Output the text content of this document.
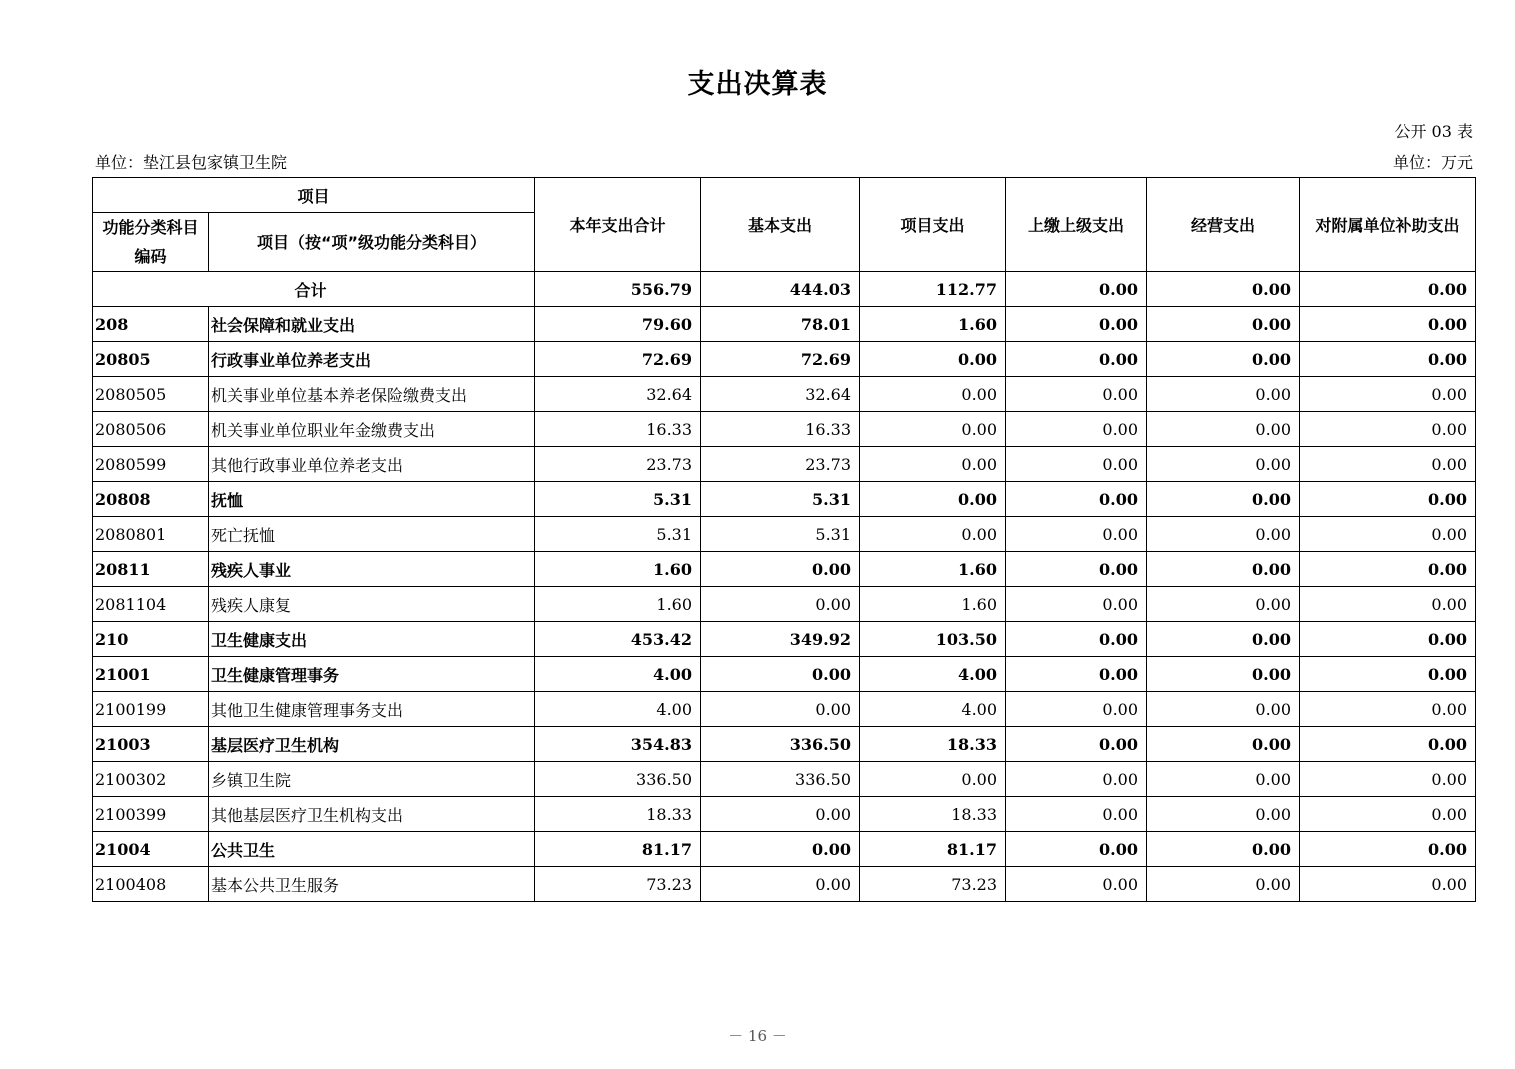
支出决算表
公开 03 表
单位：垫江县包家镇卫生院	单位：万元
项目		本年支出合计	基本支出	项目支出	上缴上级支出	经营支出	对附属单位补助支出
功能分类科目编码	项目（按“项”级功能分类科目）						
合计		556.79	444.03	112.77	0.00	0.00	0.00
208	社会保障和就业支出	79.60	78.01	1.60	0.00	0.00	0.00
20805	行政事业单位养老支出	72.69	72.69	0.00	0.00	0.00	0.00
2080505	机关事业单位基本养老保险缴费支出	32.64	32.64	0.00	0.00	0.00	0.00
2080506	机关事业单位职业年金缴费支出	16.33	16.33	0.00	0.00	0.00	0.00
2080599	其他行政事业单位养老支出	23.73	23.73	0.00	0.00	0.00	0.00
20808	抚恤	5.31	5.31	0.00	0.00	0.00	0.00
2080801	死亡抚恤	5.31	5.31	0.00	0.00	0.00	0.00
20811	残疾人事业	1.60	0.00	1.60	0.00	0.00	0.00
2081104	残疾人康复	1.60	0.00	1.60	0.00	0.00	0.00
210	卫生健康支出	453.42	349.92	103.50	0.00	0.00	0.00
21001	卫生健康管理事务	4.00	0.00	4.00	0.00	0.00	0.00
2100199	其他卫生健康管理事务支出	4.00	0.00	4.00	0.00	0.00	0.00
21003	基层医疗卫生机构	354.83	336.50	18.33	0.00	0.00	0.00
2100302	乡镇卫生院	336.50	336.50	0.00	0.00	0.00	0.00
2100399	其他基层医疗卫生机构支出	18.33	0.00	18.33	0.00	0.00	0.00
21004	公共卫生	81.17	0.00	81.17	0.00	0.00	0.00
2100408	基本公共卫生服务	73.23	0.00	73.23	0.00	0.00	0.00
－ 16 －
